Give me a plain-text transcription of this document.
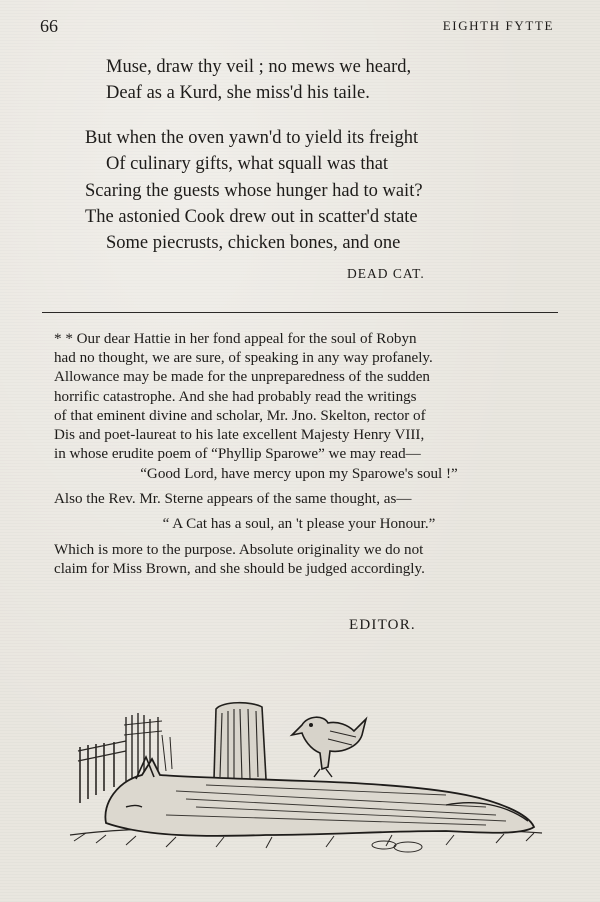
66	EIGHTH FYTTE
Muse, draw thy veil ; no mews we heard,
Deaf as a Kurd, she miss'd his taile.
But when the oven yawn'd to yield its freight
Of culinary gifts, what squall was that
Scaring the guests whose hunger had to wait?
The astonied Cook drew out in scatter'd state
Some piecrusts, chicken bones, and one
DEAD CAT.
* * Our dear Hattie in her fond appeal for the soul of Robyn
had no thought, we are sure, of speaking in any way profanely.
Allowance may be made for the unpreparedness of the sudden
horrific catastrophe. And she had probably read the writings
of that eminent divine and scholar, Mr. Jno. Skelton, rector of
Dis and poet-laureat to his late excellent Majesty Henry VIII,
in whose erudite poem of “Phyllip Sparowe” we may read—
“Good Lord, have mercy upon my Sparowe's soul !”
Also the Rev. Mr. Sterne appears of the same thought, as—
“ A Cat has a soul, an 't please your Honour.”
Which is more to the purpose. Absolute originality we do not
claim for Miss Brown, and she should be judged accordingly.
EDITOR.
